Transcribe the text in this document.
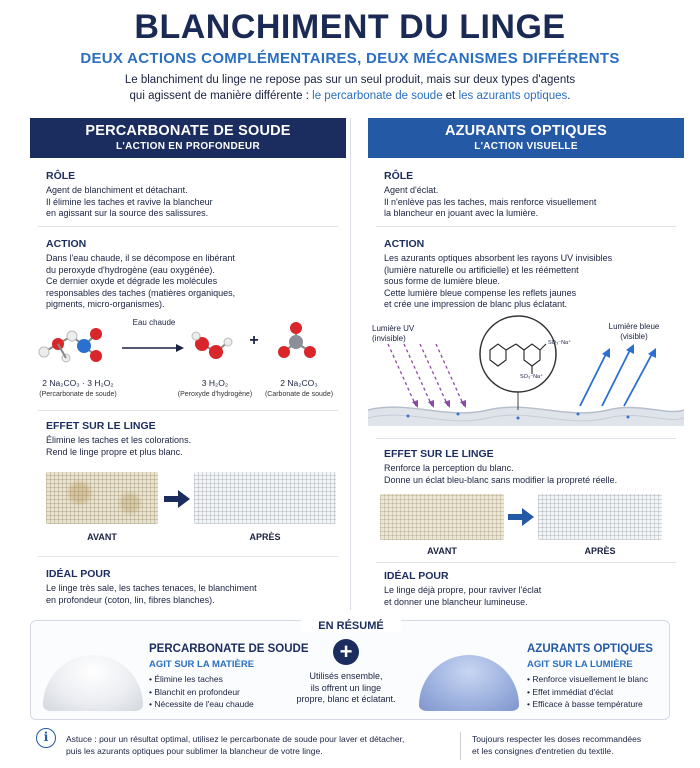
BLANCHIMENT DU LINGE
DEUX ACTIONS COMPLÉMENTAIRES, DEUX MÉCANISMES DIFFÉRENTS
Le blanchiment du linge ne repose pas sur un seul produit, mais sur deux types d'agents
qui agissent de manière différente : le percarbonate de soude et les azurants optiques.
PERCARBONATE DE SOUDE
L'ACTION EN PROFONDEUR
RÔLE
Agent de blanchiment et détachant.
Il élimine les taches et ravive la blancheur
en agissant sur la source des salissures.
ACTION
Dans l'eau chaude, il se décompose en libérant
du peroxyde d'hydrogène (eau oxygénée).
Ce dernier oxyde et dégrade les molécules
responsables des taches (matières organiques,
pigments, micro-organismes).
Eau chaude
+
2 Na₂CO₃ · 3 H₂O₂
(Percarbonate de soude)
3 H₂O₂
(Peroxyde d'hydrogène)
2 Na₂CO₃
(Carbonate de soude)
EFFET SUR LE LINGE
Élimine les taches et les colorations.
Rend le linge propre et plus blanc.
AVANT	APRÈS
IDÉAL POUR
Le linge très sale, les taches tenaces, le blanchiment
en profondeur (coton, lin, fibres blanches).
AZURANTS OPTIQUES
L'ACTION VISUELLE
RÔLE
Agent d'éclat.
Il n'enlève pas les taches, mais renforce visuellement
la blancheur en jouant avec la lumière.
ACTION
Les azurants optiques absorbent les rayons UV invisibles
(lumière naturelle ou artificielle) et les réémettent
sous forme de lumière bleue.
Cette lumière bleue compense les reflets jaunes
et crée une impression de blanc plus éclatant.
Lumière UV
(invisible)
Lumière bleue
(visible)
SO₃⁻Na⁺
SO₃⁻Na⁺
EFFET SUR LE LINGE
Renforce la perception du blanc.
Donne un éclat bleu-blanc sans modifier la propreté réelle.
AVANT	APRÈS
IDÉAL POUR
Le linge déjà propre, pour raviver l'éclat
et donner une blancheur lumineuse.
EN RÉSUMÉ
PERCARBONATE DE SOUDE
AGIT SUR LA MATIÈRE
• Élimine les taches
• Blanchit en profondeur
• Nécessite de l'eau chaude
+
Utilisés ensemble,
ils offrent un linge
propre, blanc et éclatant.
AZURANTS OPTIQUES
AGIT SUR LA LUMIÈRE
• Renforce visuellement le blanc
• Effet immédiat d'éclat
• Efficace à basse température
i	Astuce : pour un résultat optimal, utilisez le percarbonate de soude pour laver et détacher,
puis les azurants optiques pour sublimer la blancheur de votre linge.
Toujours respecter les doses recommandées
et les consignes d'entretien du textile.
